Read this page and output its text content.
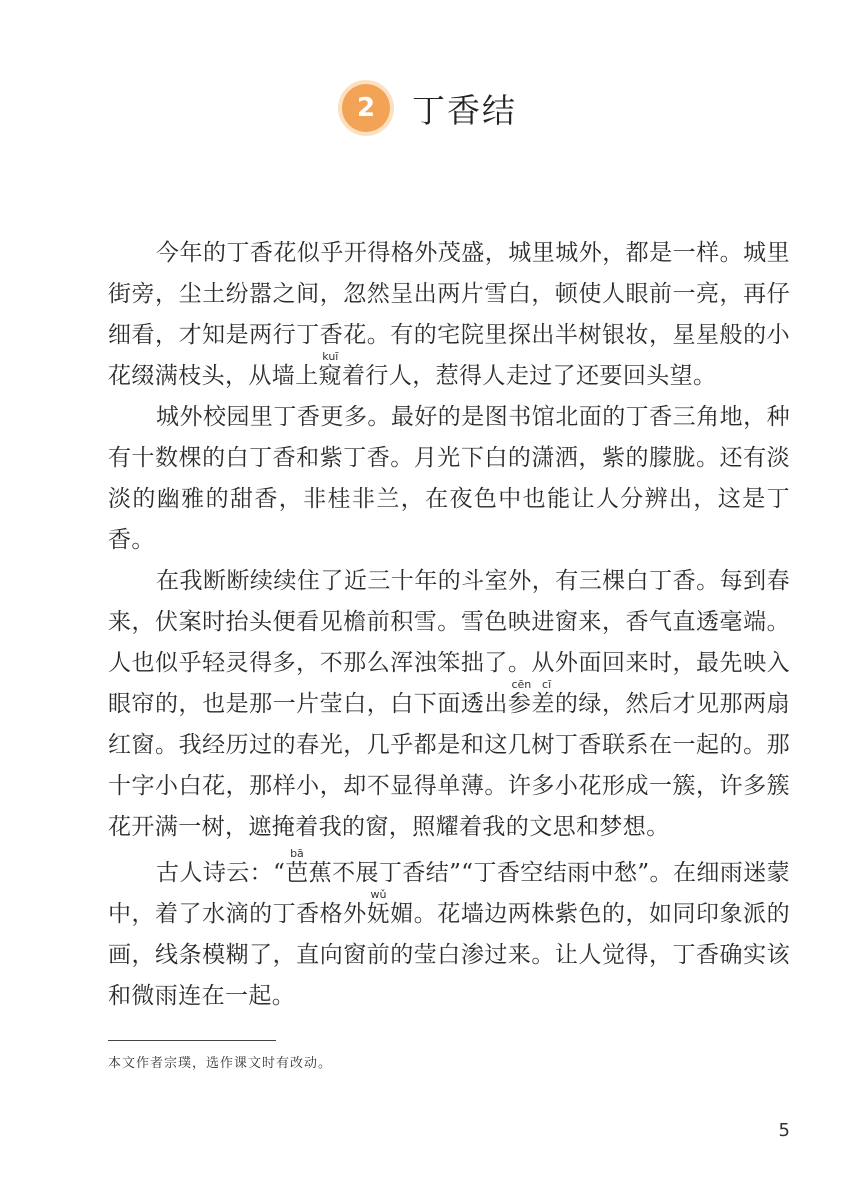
2	丁香结

今年的丁香花似乎开得格外茂盛，城里城外，都是一样。城里街旁，尘土纷嚣之间，忽然呈出两片雪白，顿使人眼前一亮，再仔细看，才知是两行丁香花。有的宅院里探出半树银妆，星星般的小花缀满枝头，从墙上窥kuī着行人，惹得人走过了还要回头望。

城外校园里丁香更多。最好的是图书馆北面的丁香三角地，种有十数棵的白丁香和紫丁香。月光下白的潇洒，紫的朦胧。还有淡淡的幽雅的甜香，非桂非兰，在夜色中也能让人分辨出，这是丁香。

在我断断续续住了近三十年的斗室外，有三棵白丁香。每到春来，伏案时抬头便看见檐前积雪。雪色映进窗来，香气直透毫端。人也似乎轻灵得多，不那么浑浊笨拙了。从外面回来时，最先映入眼帘的，也是那一片莹白，白下面透出参差cēn cī的绿，然后才见那两扇红窗。我经历过的春光，几乎都是和这几树丁香联系在一起的。那十字小白花，那样小，却不显得单薄。许多小花形成一簇，许多簇花开满一树，遮掩着我的窗，照耀着我的文思和梦想。

古人诗云：“芭bā蕉不展丁香结”“丁香空结雨中愁”。在细雨迷蒙中，着了水滴的丁香格外妩wǔ媚。花墙边两株紫色的，如同印象派的画，线条模糊了，直向窗前的莹白渗过来。让人觉得，丁香确实该和微雨连在一起。

本文作者宗璞，选作课文时有改动。
5
